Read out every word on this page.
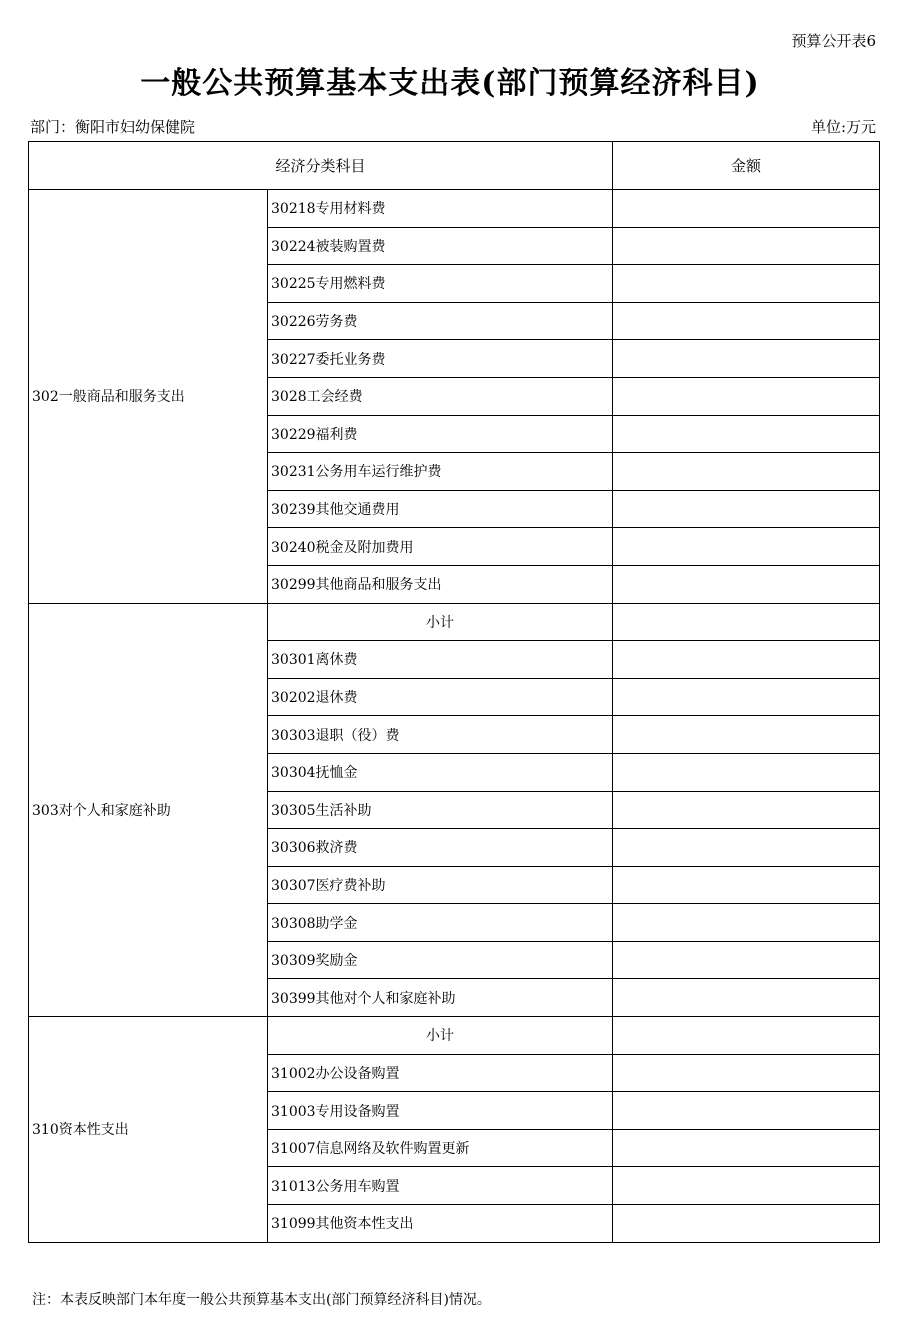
预算公开表6
一般公共预算基本支出表(部门预算经济科目)
部门：衡阳市妇幼保健院	单位:万元
经济分类科目		金额
302一般商品和服务支出	30218专用材料费	
	30224被装购置费	
	30225专用燃料费	
	30226劳务费	
	30227委托业务费	
	3028工会经费	
	30229福利费	
	30231公务用车运行维护费	
	30239其他交通费用	
	30240税金及附加费用	
	30299其他商品和服务支出	
303对个人和家庭补助	小计	
	30301离休费	
	30202退休费	
	30303退职（役）费	
	30304抚恤金	
	30305生活补助	
	30306救济费	
	30307医疗费补助	
	30308助学金	
	30309奖励金	
	30399其他对个人和家庭补助	
310资本性支出	小计	
	31002办公设备购置	
	31003专用设备购置	
	31007信息网络及软件购置更新	
	31013公务用车购置	
	31099其他资本性支出	
注：本表反映部门本年度一般公共预算基本支出(部门预算经济科目)情况。
